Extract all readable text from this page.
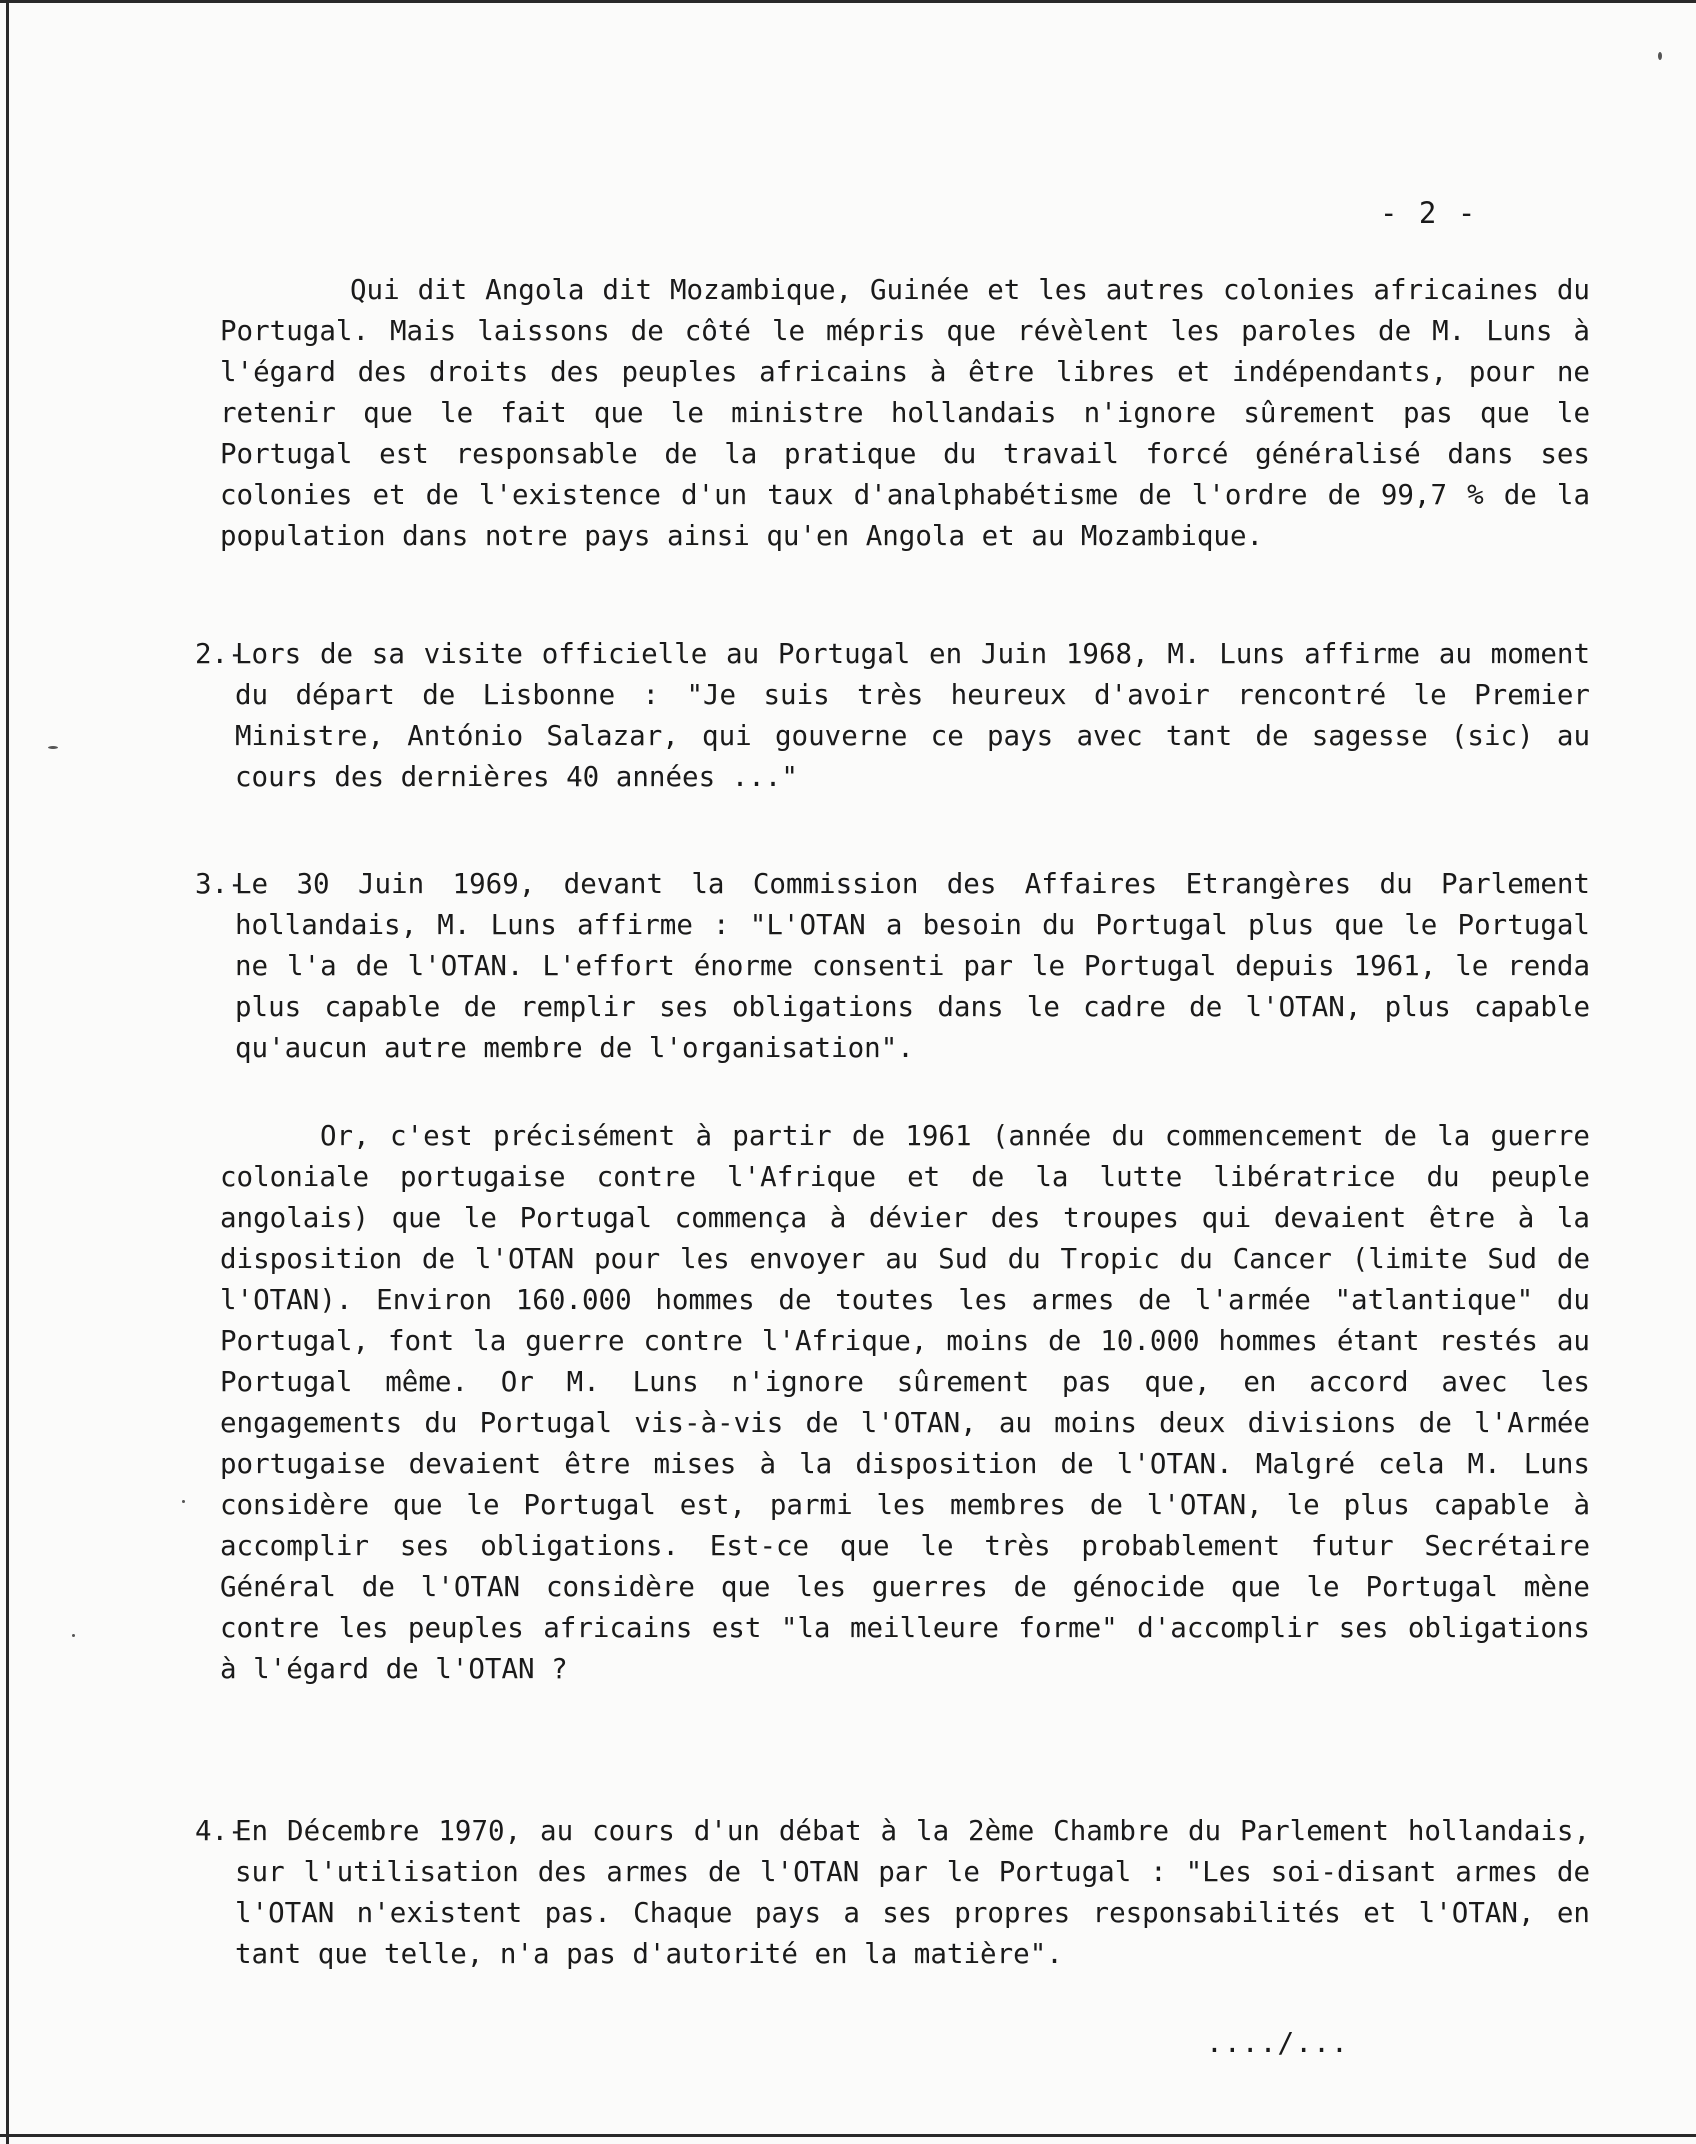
- 2 -

Qui dit Angola dit Mozambique, Guinée et les autres colonies africaines du Portugal. Mais laissons de côté le mépris que révèlent les paroles de M. Luns à l'égard des droits des peuples africains à être libres et indépendants, pour ne retenir que le fait que le ministre hollandais n'ignore sûrement pas que le Portugal est responsable de la pratique du travail forcé généralisé dans ses colonies et de l'existence d'un taux d'analphabétisme de l'ordre de 99,7 % de la population dans notre pays ainsi qu'en Angola et au Mozambique.

2.-
Lors de sa visite officielle au Portugal en Juin 1968, M. Luns affirme au moment du départ de Lisbonne : "Je suis très heureux d'avoir rencontré le Premier Ministre, António Salazar, qui gouverne ce pays avec tant de sagesse (sic) au cours des dernières 40 années ..."
3.-
Le 30 Juin 1969, devant la Commission des Affaires Etrangères du Parlement hollandais, M. Luns affirme : "L'OTAN a besoin du Portugal plus que le Portugal ne l'a de l'OTAN. L'effort énorme consenti par le Portugal depuis 1961, le renda plus capable de remplir ses obligations dans le cadre de l'OTAN, plus capable qu'aucun autre membre de l'organisation".

Or, c'est précisément à partir de 1961 (année du commencement de la guerre coloniale portugaise contre l'Afrique et de la lutte libératrice du peuple angolais) que le Portugal commença à dévier des troupes qui devaient être à la disposition de l'OTAN pour les envoyer au Sud du Tropic du Cancer (limite Sud de l'OTAN). Environ 160.000 hommes de toutes les armes de l'armée "atlantique" du Portugal, font la guerre contre l'Afrique, moins de 10.000 hommes étant restés au Portugal même. Or M. Luns n'ignore sûrement pas que, en accord avec les engagements du Portugal vis-à-vis de l'OTAN, au moins deux divisions de l'Armée portugaise devaient être mises à la disposition de l'OTAN. Malgré cela M. Luns considère que le Portugal est, parmi les membres de l'OTAN, le plus capable à accomplir ses obligations. Est-ce que le très probablement futur Secrétaire Général de l'OTAN considère que les guerres de génocide que le Portugal mène contre les peuples africains est "la meilleure forme" d'accomplir ses obligations à l'égard de l'OTAN ?

4.-
En Décembre 1970, au cours d'un débat à la 2ème Chambre du Parlement hollandais, sur l'utilisation des armes de l'OTAN par le Portugal : "Les soi-disant armes de l'OTAN n'existent pas. Chaque pays a ses propres responsabilités et l'OTAN, en tant que telle, n'a pas d'autorité en la matière".
..../...
